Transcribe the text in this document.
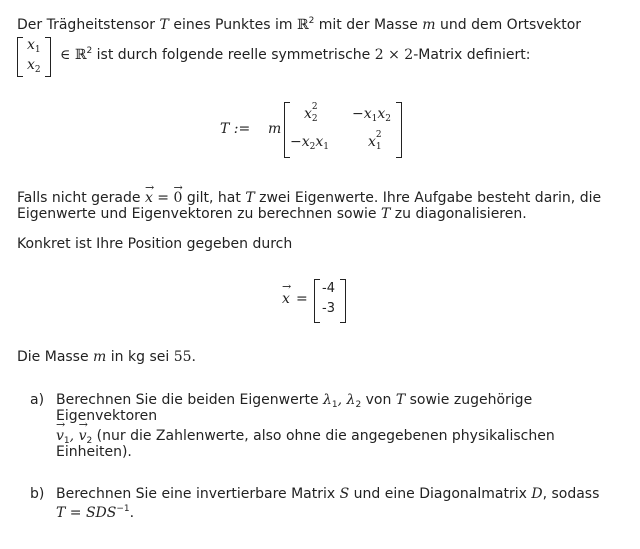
Der Trägheitstensor T eines Punktes im ℝ$^2$ mit der Masse m und dem Ortsvektor
$x_1$
$x_2$
∈ ℝ$^2$ ist durch folgende reelle symmetrische 2 × 2-Matrix definiert:
T := m
x 2
$_2 -x_1x_2$
$-x_2x_1$	x 2
$_1$
Falls nicht gerade → x = → 0 gilt, hat T zwei Eigenwerte. Ihre Aufgabe besteht darin, die
Eigenwerte und Eigenvektoren zu berechnen sowie T zu diagonalisieren.
Konkret ist Ihre Position gegeben durch
→ x =
-4
-3
Die Masse m in kg sei 55.
a) Berechnen Sie die beiden Eigenwerte $\lambda_1$, $\lambda_2$ von T sowie zugehörige
Eigenvektoren
→ $v_1$, → $v_2$ (nur die Zahlenwerte, also ohne die angegebenen physikalischen
Einheiten).
b) Berechnen Sie eine invertierbare Matrix S und eine Diagonalmatrix D, sodass
$T = SDS^{-1}$.
